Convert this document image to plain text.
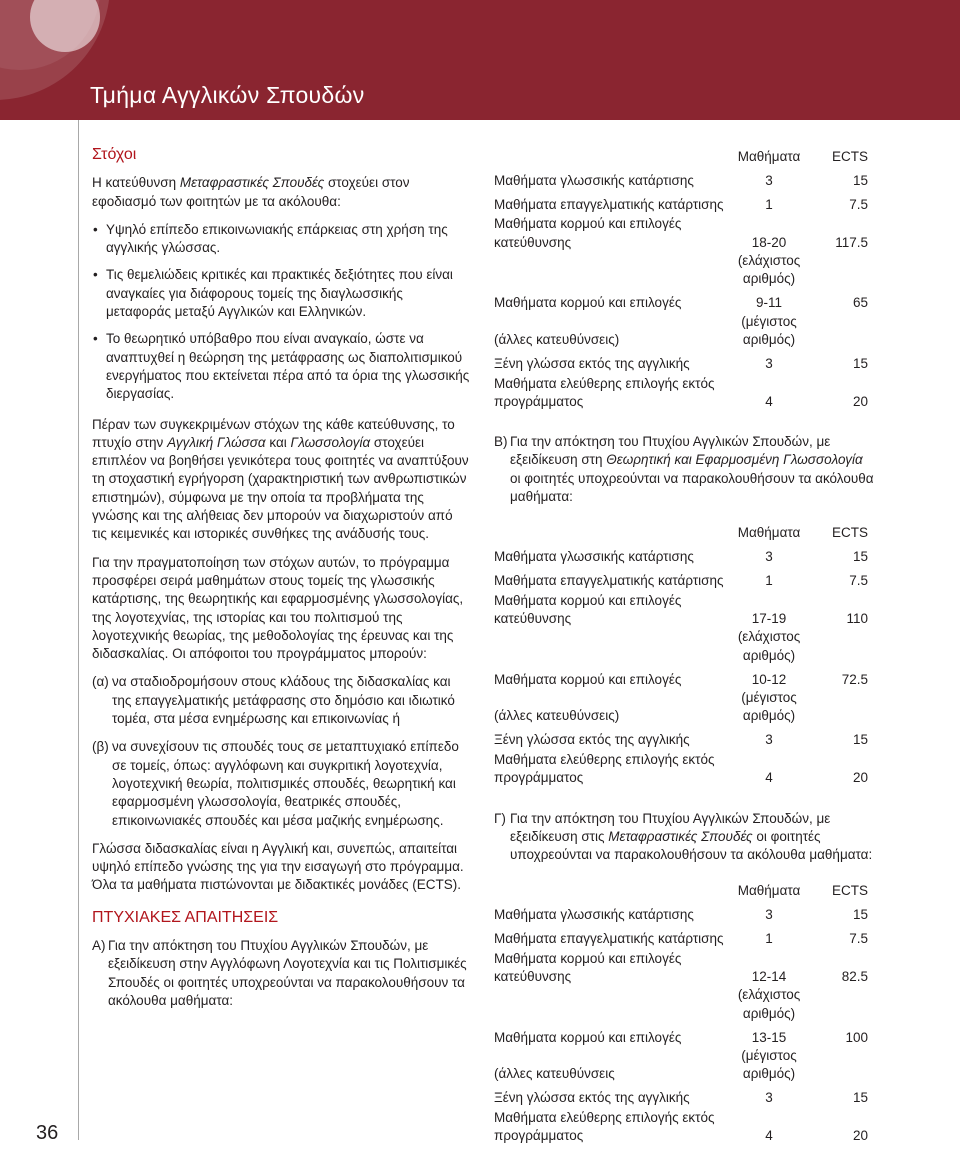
Τμήμα Αγγλικών Σπουδών
36
Στόχοι

Η κατεύθυνση Μεταφραστικές Σπουδές στοχεύει στον εφοδιασμό των φοιτητών με τα ακόλουθα:

• Υψηλό επίπεδο επικοινωνιακής επάρκειας στη χρήση της αγγλικής γλώσσας.
• Τις θεμελιώδεις κριτικές και πρακτικές δεξιότητες που είναι αναγκαίες για διάφορους τομείς της διαγλωσσικής μεταφοράς μεταξύ Αγγλικών και Ελληνικών.
• Το θεωρητικό υπόβαθρο που είναι αναγκαίο, ώστε να αναπτυχθεί η θεώρηση της μετάφρασης ως διαπολιτισμικού ενεργήματος που εκτείνεται πέρα από τα όρια της γλωσσικής διεργασίας.

Πέραν των συγκεκριμένων στόχων της κάθε κατεύθυνσης, το πτυχίο στην Αγγλική Γλώσσα και Γλωσσολογία στοχεύει επιπλέον να βοηθήσει γενικότερα τους φοιτητές να αναπτύξουν τη στοχαστική εγρήγορση (χαρακτηριστική των ανθρωπιστικών επιστημών), σύμφωνα με την οποία τα προβλήματα της γνώσης και της αλήθειας δεν μπορούν να διαχωριστούν από τις κειμενικές και ιστορικές συνθήκες της ανάδυσής τους.

Για την πραγματοποίηση των στόχων αυτών, το πρόγραμμα προσφέρει σειρά μαθημάτων στους τομείς της γλωσσικής κατάρτισης, της θεωρητικής και εφαρμοσμένης γλωσσολογίας, της λογοτεχνίας, της ιστορίας και του πολιτισμού της λογοτεχνικής θεωρίας, της μεθοδολογίας της έρευνας και της διδασκαλίας. Οι απόφοιτοι του προγράμματος μπορούν:

(α) να σταδιοδρομήσουν στους κλάδους της διδασκαλίας και της επαγγελματικής μετάφρασης στο δημόσιο και ιδιωτικό τομέα, στα μέσα ενημέρωσης και επικοινωνίας ή
(β) να συνεχίσουν τις σπουδές τους σε μεταπτυχιακό επίπεδο σε τομείς, όπως: αγγλόφωνη και συγκριτική λογοτεχνία, λογοτεχνική θεωρία, πολιτισμικές σπουδές, θεωρητική και εφαρμοσμένη γλωσσολογία, θεατρικές σπουδές, επικοινωνιακές σπουδές και μέσα μαζικής ενημέρωσης.

Γλώσσα διδασκαλίας είναι η Αγγλική και, συνεπώς, απαιτείται υψηλό επίπεδο γνώσης της για την εισαγωγή στο πρόγραμμα. Όλα τα μαθήματα πιστώνονται με διδακτικές μονάδες (ECTS).

ΠΤΥΧΙΑΚΕΣ ΑΠΑΙΤΗΣΕΙΣ
Α) Για την απόκτηση του Πτυχίου Αγγλικών Σπουδών, με εξειδίκευση στην Αγγλόφωνη Λογοτεχνία και τις Πολιτισμικές Σπουδές οι φοιτητές υποχρεούνται να παρακολουθήσουν τα ακόλουθα μαθήματα:
	Μαθήματα	ECTS
Μαθήματα γλωσσικής κατάρτισης	3	15
Μαθήματα επαγγελματικής κατάρτισης	1	7.5
Μαθήματα κορμού και επιλογές κατεύθυνσης	18-20	117.5
	(ελάχιστος αριθμός)	
Μαθήματα κορμού και επιλογές	9-11	65
(άλλες κατευθύνσεις)	(μέγιστος αριθμός)	
Ξένη γλώσσα εκτός της αγγλικής	3	15
Μαθήματα ελεύθερης επιλογής εκτός προγράμματος	4	20
Β) Για την απόκτηση του Πτυχίου Αγγλικών Σπουδών, με εξειδίκευση στη Θεωρητική και Εφαρμοσμένη Γλωσσολογία οι φοιτητές υποχρεούνται να παρακολουθήσουν τα ακόλουθα μαθήματα:
	Μαθήματα	ECTS
Μαθήματα γλωσσικής κατάρτισης	3	15
Μαθήματα επαγγελματικής κατάρτισης	1	7.5
Μαθήματα κορμού και επιλογές κατεύθυνσης	17-19	110
	(ελάχιστος αριθμός)	
Μαθήματα κορμού και επιλογές	10-12	72.5
(άλλες κατευθύνσεις)	(μέγιστος αριθμός)	
Ξένη γλώσσα εκτός της αγγλικής	3	15
Μαθήματα ελεύθερης επιλογής εκτός προγράμματος	4	20
Γ) Για την απόκτηση του Πτυχίου Αγγλικών Σπουδών, με εξειδίκευση στις Μεταφραστικές Σπουδές οι φοιτητές υποχρεούνται να παρακολουθήσουν τα ακόλουθα μαθήματα:
	Μαθήματα	ECTS
Μαθήματα γλωσσικής κατάρτισης	3	15
Μαθήματα επαγγελματικής κατάρτισης	1	7.5
Μαθήματα κορμού και επιλογές κατεύθυνσης	12-14	82.5
	(ελάχιστος αριθμός)	
Μαθήματα κορμού και επιλογές	13-15	100
(άλλες κατευθύνσεις	(μέγιστος αριθμός)	
Ξένη γλώσσα εκτός της αγγλικής	3	15
Μαθήματα ελεύθερης επιλογής εκτός προγράμματος	4	20
